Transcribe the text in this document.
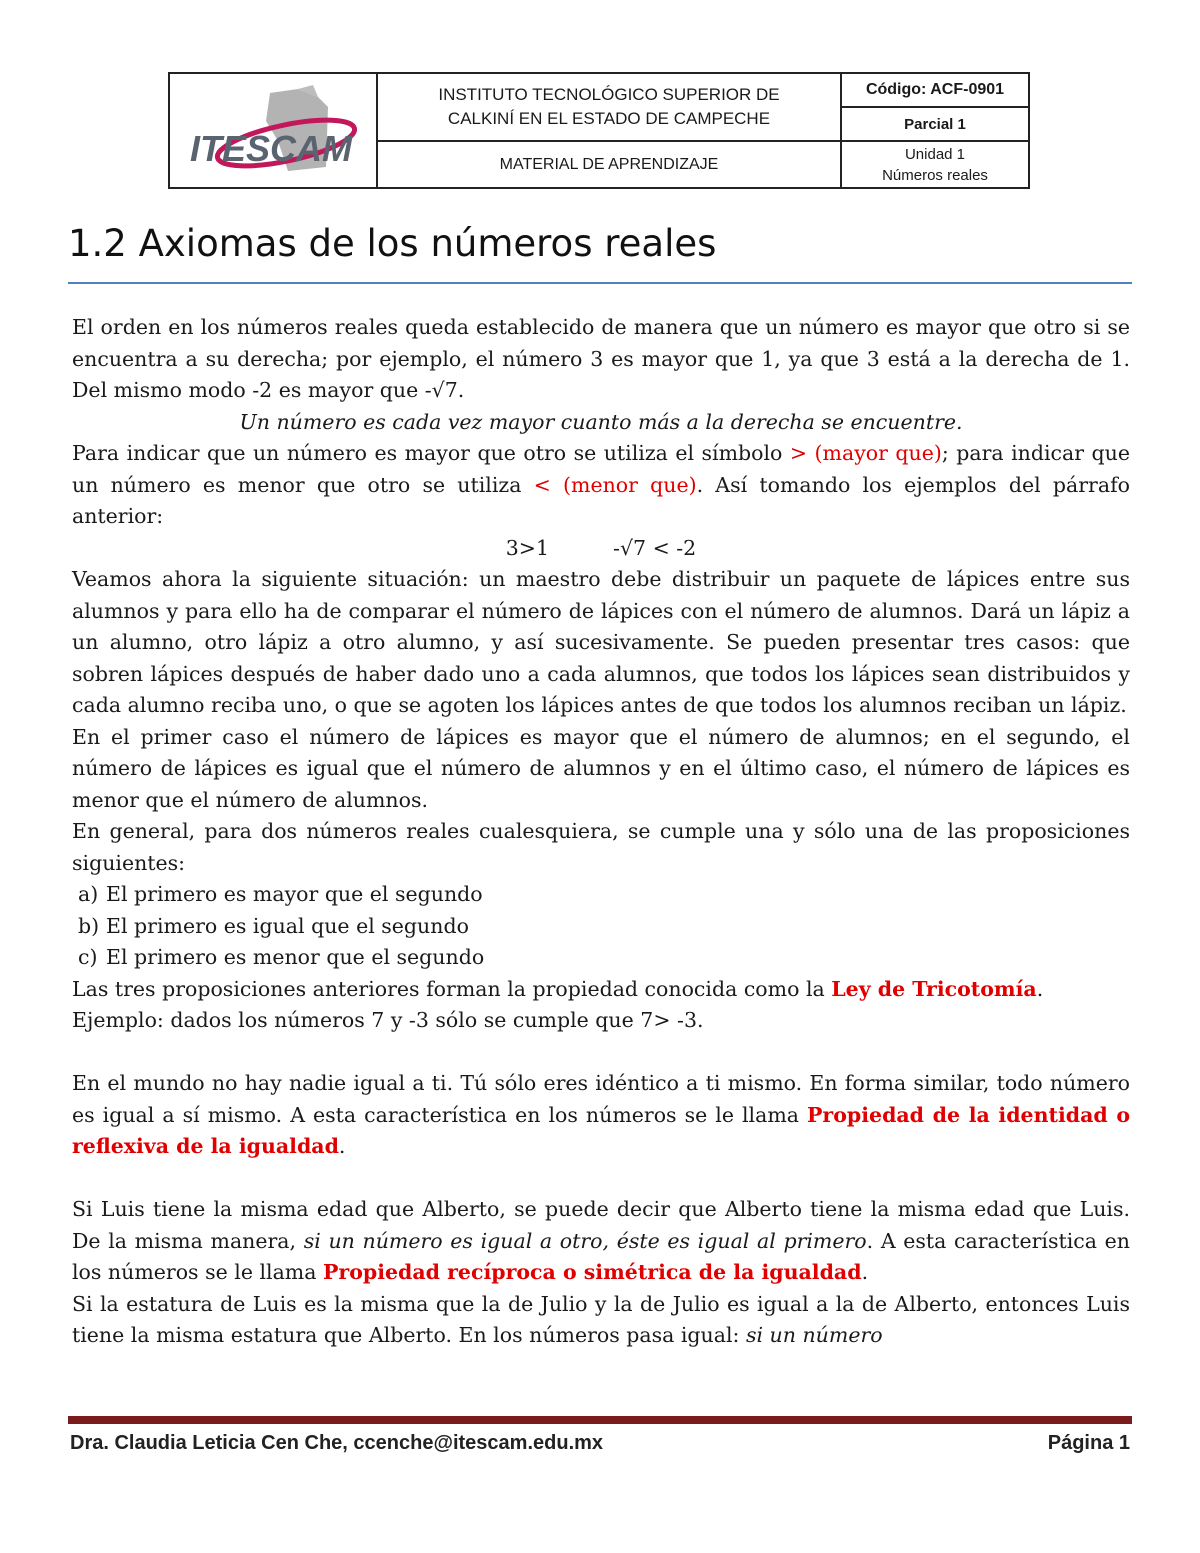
ITESCAM
INSTITUTO TECNOLÓGICO SUPERIOR DE
CALKINÍ EN EL ESTADO DE CAMPECHE
MATERIAL DE APRENDIZAJE
Código: ACF-0901
Parcial 1
Unidad 1
Números reales
1.2 Axiomas de los números reales

El orden en los números reales queda establecido de manera que un número es mayor que otro si se encuentra a su derecha; por ejemplo, el número 3 es mayor que 1, ya que 3 está a la derecha de 1. Del mismo modo -2 es mayor que -√7.

Un número es cada vez mayor cuanto más a la derecha se encuentre.

Para indicar que un número es mayor que otro se utiliza el símbolo > (mayor que); para indicar que un número es menor que otro se utiliza < (menor que). Así tomando los ejemplos del párrafo anterior:

3>1	-√7 < -2

Veamos ahora la siguiente situación: un maestro debe distribuir un paquete de lápices entre sus alumnos y para ello ha de comparar el número de lápices con el número de alumnos. Dará un lápiz a un alumno, otro lápiz a otro alumno, y así sucesivamente. Se pueden presentar tres casos: que sobren lápices después de haber dado uno a cada alumnos, que todos los lápices sean distribuidos y cada alumno reciba uno, o que se agoten los lápices antes de que todos los alumnos reciban un lápiz.

En el primer caso el número de lápices es mayor que el número de alumnos; en el segundo, el número de lápices es igual que el número de alumnos y en el último caso, el número de lápices es menor que el número de alumnos.

En general, para dos números reales cualesquiera, se cumple una y sólo una de las proposiciones siguientes:

a) El primero es mayor que el segundo
b) El primero es igual que el segundo
c) El primero es menor que el segundo

Las tres proposiciones anteriores forman la propiedad conocida como la Ley de Tricotomía.

Ejemplo: dados los números 7 y -3 sólo se cumple que 7> -3.

En el mundo no hay nadie igual a ti. Tú sólo eres idéntico a ti mismo. En forma similar, todo número es igual a sí mismo. A esta característica en los números se le llama Propiedad de la identidad o reflexiva de la igualdad.

Si Luis tiene la misma edad que Alberto, se puede decir que Alberto tiene la misma edad que Luis. De la misma manera, si un número es igual a otro, éste es igual al primero. A esta característica en los números se le llama Propiedad recíproca o simétrica de la igualdad.

Si la estatura de Luis es la misma que la de Julio y la de Julio es igual a la de Alberto, entonces Luis tiene la misma estatura que Alberto. En los números pasa igual: si un número

Dra. Claudia Leticia Cen Che, ccenche@itescam.edu.mx	Página 1
